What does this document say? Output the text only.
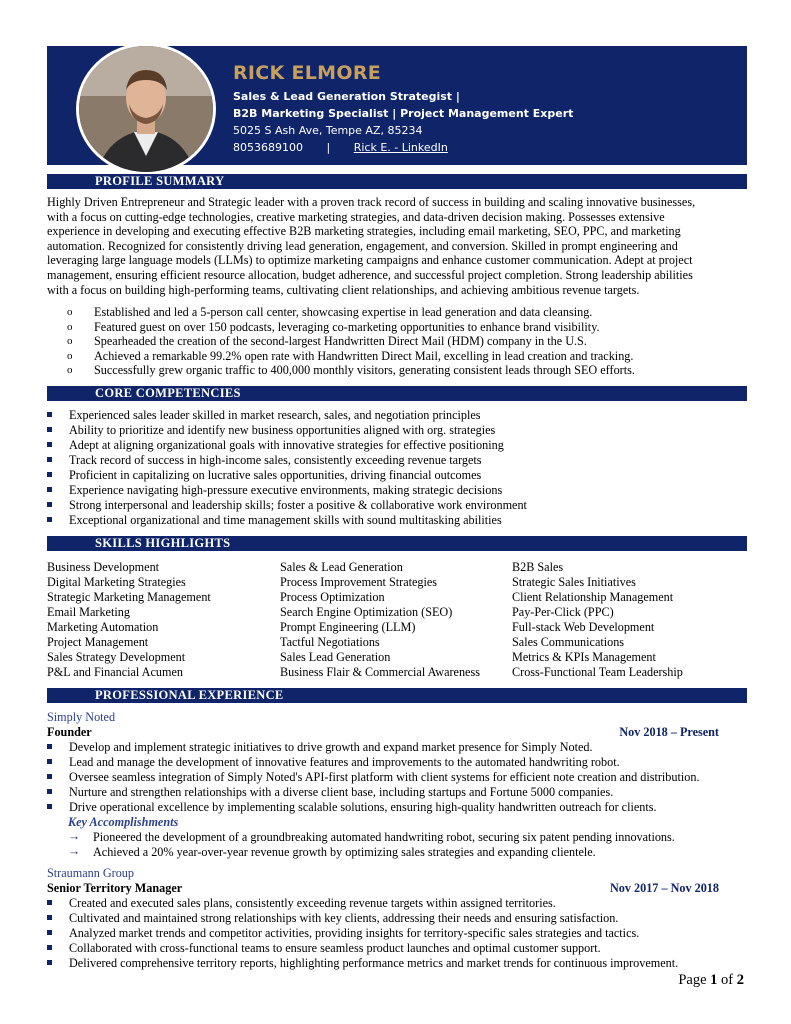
RICK ELMORE
Sales & Lead Generation Strategist |
B2B Marketing Specialist | Project Management Expert
5025 S Ash Ave, Tempe AZ, 85234
8053689100 | Rick E. - LinkedIn
PROFILE SUMMARY
Highly Driven Entrepreneur and Strategic leader with a proven track record of success in building and scaling innovative businesses,
with a focus on cutting-edge technologies, creative marketing strategies, and data-driven decision making. Possesses extensive
experience in developing and executing effective B2B marketing strategies, including email marketing, SEO, PPC, and marketing
automation. Recognized for consistently driving lead generation, engagement, and conversion. Skilled in prompt engineering and
leveraging large language models (LLMs) to optimize marketing campaigns and enhance customer communication. Adept at project
management, ensuring efficient resource allocation, budget adherence, and successful project completion. Strong leadership abilities
with a focus on building high-performing teams, cultivating client relationships, and achieving ambitious revenue targets.
o Established and led a 5-person call center, showcasing expertise in lead generation and data cleansing.
o Featured guest on over 150 podcasts, leveraging co-marketing opportunities to enhance brand visibility.
o Spearheaded the creation of the second-largest Handwritten Direct Mail (HDM) company in the U.S.
o Achieved a remarkable 99.2% open rate with Handwritten Direct Mail, excelling in lead creation and tracking.
o Successfully grew organic traffic to 400,000 monthly visitors, generating consistent leads through SEO efforts.
CORE COMPETENCIES
Experienced sales leader skilled in market research, sales, and negotiation principles
Ability to prioritize and identify new business opportunities aligned with org. strategies
Adept at aligning organizational goals with innovative strategies for effective positioning
Track record of success in high-income sales, consistently exceeding revenue targets
Proficient in capitalizing on lucrative sales opportunities, driving financial outcomes
Experience navigating high-pressure executive environments, making strategic decisions
Strong interpersonal and leadership skills; foster a positive & collaborative work environment
Exceptional organizational and time management skills with sound multitasking abilities
SKILLS HIGHLIGHTS
Business Development
Digital Marketing Strategies
Strategic Marketing Management
Email Marketing
Marketing Automation
Project Management
Sales Strategy Development
P&L and Financial Acumen
Sales & Lead Generation
Process Improvement Strategies
Process Optimization
Search Engine Optimization (SEO)
Prompt Engineering (LLM)
Tactful Negotiations
Sales Lead Generation
Business Flair & Commercial Awareness
B2B Sales
Strategic Sales Initiatives
Client Relationship Management
Pay-Per-Click (PPC)
Full-stack Web Development
Sales Communications
Metrics & KPIs Management
Cross-Functional Team Leadership
PROFESSIONAL EXPERIENCE
Simply Noted
Founder	Nov 2018 – Present
Develop and implement strategic initiatives to drive growth and expand market presence for Simply Noted.
Lead and manage the development of innovative features and improvements to the automated handwriting robot.
Oversee seamless integration of Simply Noted's API-first platform with client systems for efficient note creation and distribution.
Nurture and strengthen relationships with a diverse client base, including startups and Fortune 5000 companies.
Drive operational excellence by implementing scalable solutions, ensuring high-quality handwritten outreach for clients.
Key Accomplishments
→ Pioneered the development of a groundbreaking automated handwriting robot, securing six patent pending innovations.
→ Achieved a 20% year-over-year revenue growth by optimizing sales strategies and expanding clientele.
Straumann Group
Senior Territory Manager	Nov 2017 – Nov 2018
Created and executed sales plans, consistently exceeding revenue targets within assigned territories.
Cultivated and maintained strong relationships with key clients, addressing their needs and ensuring satisfaction.
Analyzed market trends and competitor activities, providing insights for territory-specific sales strategies and tactics.
Collaborated with cross-functional teams to ensure seamless product launches and optimal customer support.
Delivered comprehensive territory reports, highlighting performance metrics and market trends for continuous improvement.
Page 1 of 2
